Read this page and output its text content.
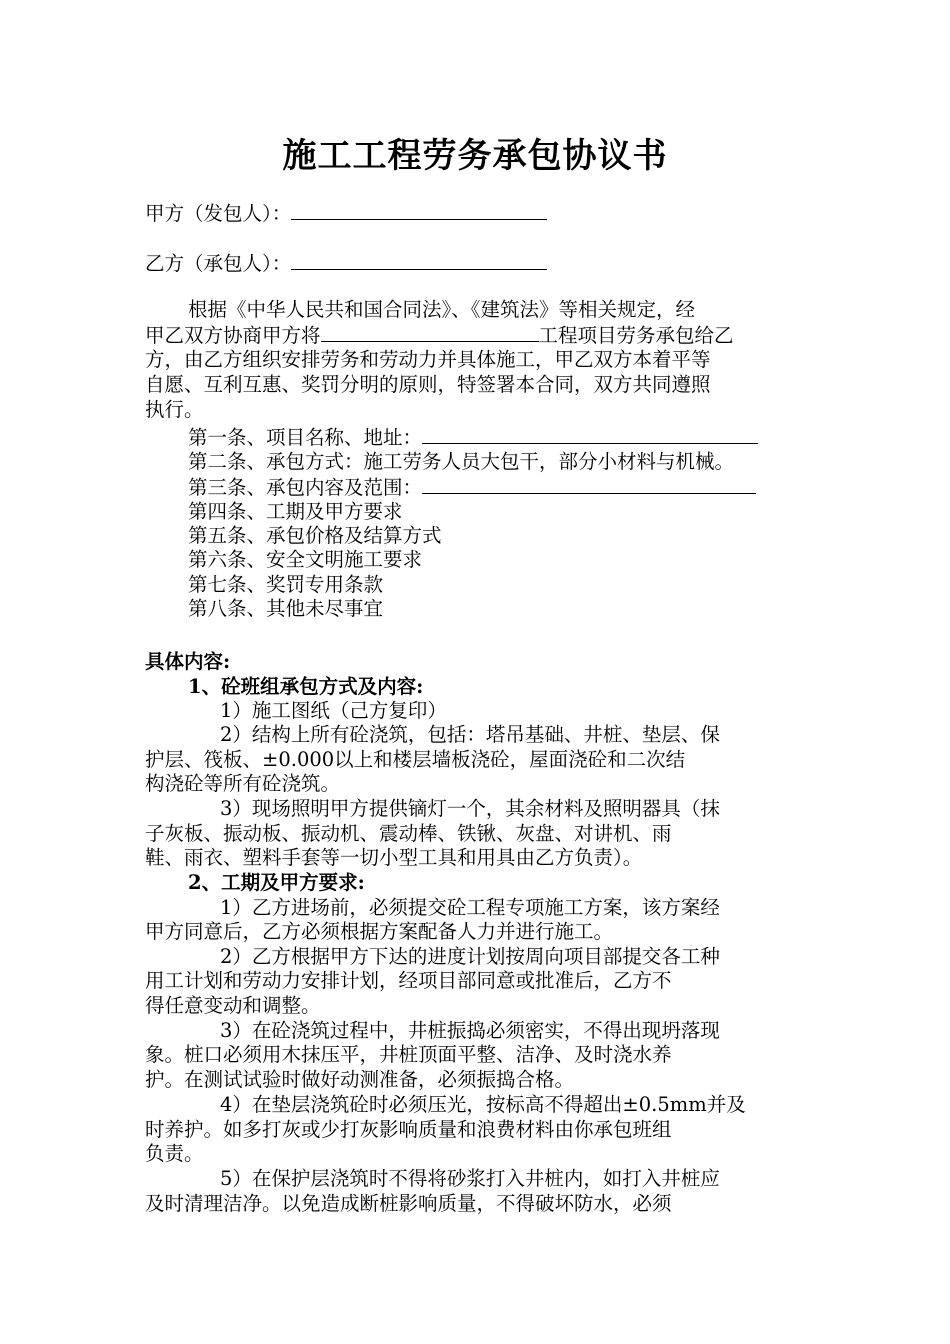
施工工程劳务承包协议书
甲方（发包人）：
乙方（承包人）：
根据《中华人民共和国合同法》、《建筑法》等相关规定，经
甲乙双方协商甲方将	工程项目劳务承包给乙
方，由乙方组织安排劳务和劳动力并具体施工，甲乙双方本着平等
自愿、互利互惠、奖罚分明的原则，特签署本合同，双方共同遵照
执行。
第一条、项目名称、地址：
第二条、承包方式：施工劳务人员大包干，部分小材料与机械。
第三条、承包内容及范围：
第四条、工期及甲方要求
第五条、承包价格及结算方式
第六条、安全文明施工要求
第七条、奖罚专用条款
第八条、其他未尽事宜
具体内容:
1、砼班组承包方式及内容:
1）施工图纸（己方复印）
2）结构上所有砼浇筑，包括：塔吊基础、井桩、垫层、保
护层、筏板、±0.000以上和楼层墙板浇砼，屋面浇砼和二次结
构浇砼等所有砼浇筑。
3）现场照明甲方提供镝灯一个，其余材料及照明器具（抹
子灰板、振动板、振动机、震动棒、铁锹、灰盘、对讲机、雨
鞋、雨衣、塑料手套等一切小型工具和用具由乙方负责）。
2、工期及甲方要求:
1）乙方进场前，必须提交砼工程专项施工方案，该方案经
甲方同意后，乙方必须根据方案配备人力并进行施工。
2）乙方根据甲方下达的进度计划按周向项目部提交各工种
用工计划和劳动力安排计划，经项目部同意或批准后，乙方不
得任意变动和调整。
3）在砼浇筑过程中，井桩振捣必须密实，不得出现坍落现
象。桩口必须用木抹压平，井桩顶面平整、洁净、及时浇水养
护。在测试试验时做好动测准备，必须振捣合格。
4）在垫层浇筑砼时必须压光，按标高不得超出±0.5mm并及
时养护。如多打灰或少打灰影响质量和浪费材料由你承包班组
负责。
5）在保护层浇筑时不得将砂浆打入井桩内，如打入井桩应
及时清理洁净。以免造成断桩影响质量，不得破坏防水，必须
